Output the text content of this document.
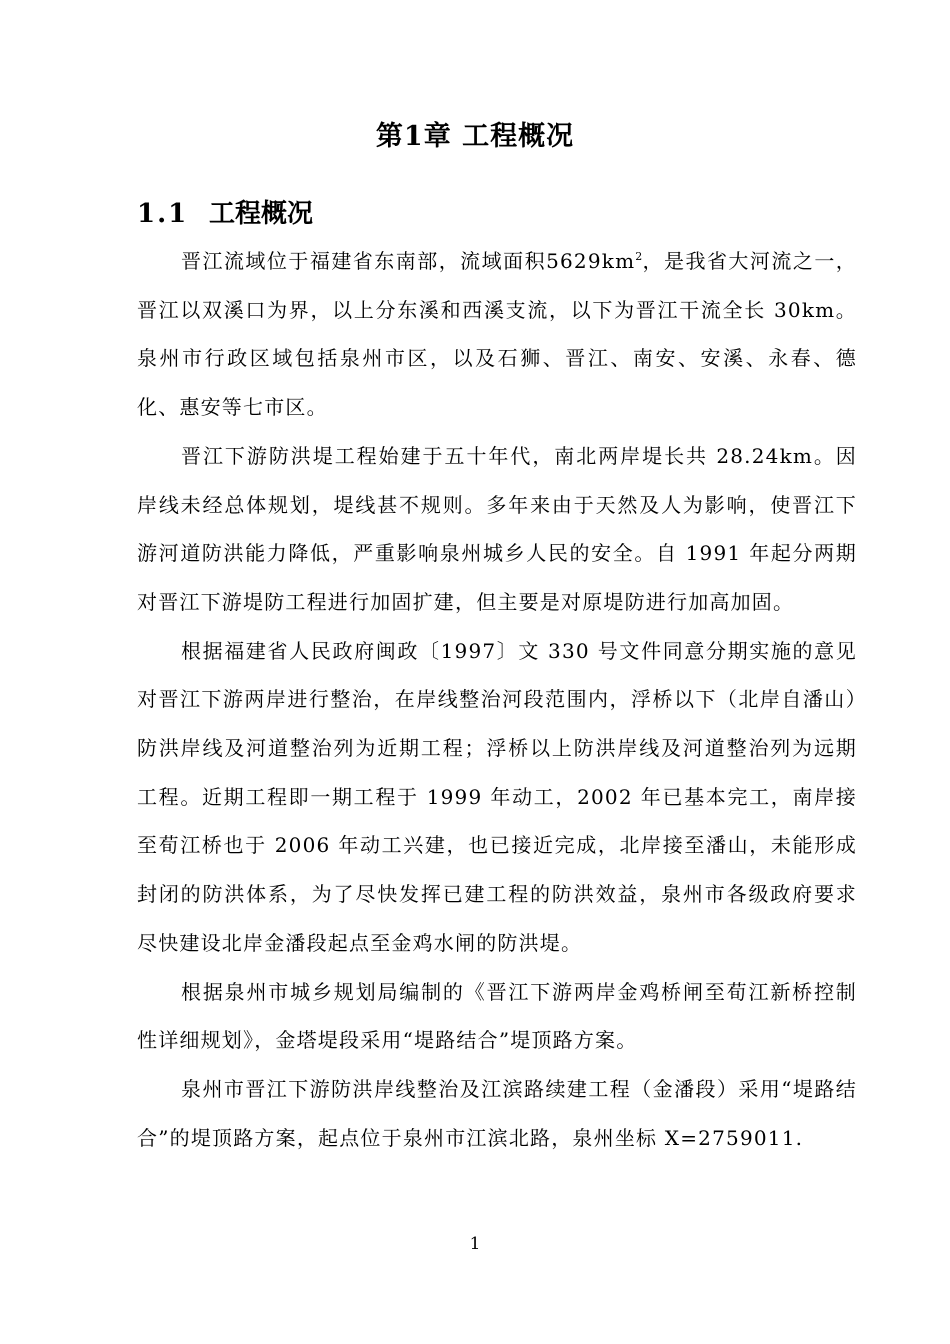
第1章 工程概况
1.1 工程概况

晋江流域位于福建省东南部，流域面积$5629km^2$，是我省大河流之一，晋江以双溪口为界，以上分东溪和西溪支流，以下为晋江干流全长 30km。泉州市行政区域包括泉州市区，以及石狮、晋江、南安、安溪、永春、德化、惠安等七市区。

晋江下游防洪堤工程始建于五十年代，南北两岸堤长共 28.24km。因岸线未经总体规划，堤线甚不规则。多年来由于天然及人为影响，使晋江下游河道防洪能力降低，严重影响泉州城乡人民的安全。自 1991 年起分两期对晋江下游堤防工程进行加固扩建，但主要是对原堤防进行加高加固。

根据福建省人民政府闽政〔1997〕文 330 号文件同意分期实施的意见对晋江下游两岸进行整治，在岸线整治河段范围内，浮桥以下（北岸自潘山）防洪岸线及河道整治列为近期工程；浮桥以上防洪岸线及河道整治列为远期工程。近期工程即一期工程于 1999 年动工，2002 年已基本完工，南岸接至荀江桥也于 2006 年动工兴建，也已接近完成，北岸接至潘山，未能形成封闭的防洪体系，为了尽快发挥已建工程的防洪效益，泉州市各级政府要求尽快建设北岸金潘段起点至金鸡水闸的防洪堤。

根据泉州市城乡规划局编制的《晋江下游两岸金鸡桥闸至荀江新桥控制性详细规划》，金塔堤段采用“堤路结合”堤顶路方案。

泉州市晋江下游防洪岸线整治及江滨路续建工程（金潘段）采用“堤路结合”的堤顶路方案，起点位于泉州市江滨北路，泉州坐标 X=2759011.

1
